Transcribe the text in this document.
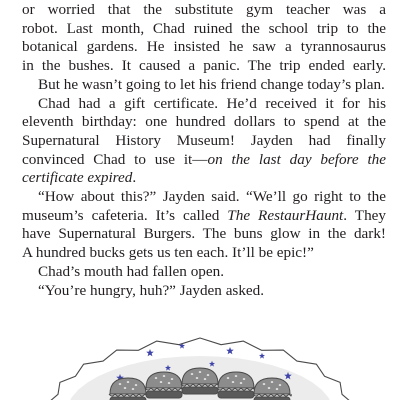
or worried that the substitute gym teacher was a
robot. Last month, Chad ruined the school trip to the
botanical gardens. He insisted he saw a tyrannosaurus
in the bushes. It caused a panic. The trip ended early.
But he wasn’t going to let his friend change today’s plan.
Chad had a gift certificate. He’d received it for his
eleventh birthday: one hundred dollars to spend at the
Supernatural History Museum! Jayden had finally
convinced Chad to use it—on the last day before the
certificate expired.
“How about this?” Jayden said. “We’ll go right to the
museum’s cafeteria. It’s called The RestaurHaunt. They
have Supernatural Burgers. The buns glow in the dark!
A hundred bucks gets us ten each. It’ll be epic!”
Chad’s mouth had fallen open.
“You’re hungry, huh?” Jayden asked.
